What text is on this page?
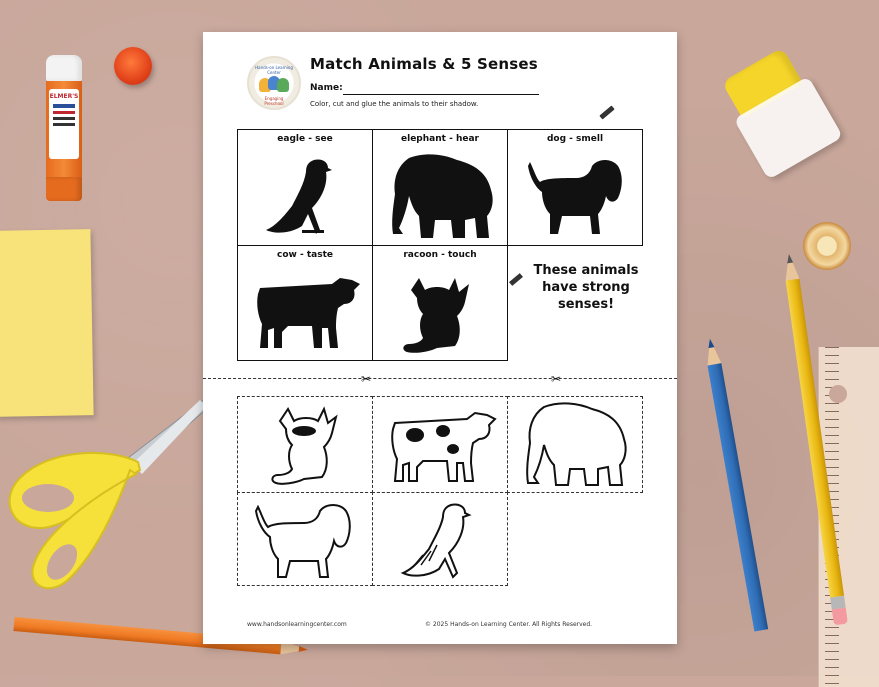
ELMER'S
Hands-on Learning Center
Engaging Preschool
Match Animals & 5 Senses
Name:
Color, cut and glue the animals to their shadow.
eagle - see	elephant - hear	dog - smell
cow - taste	racoon - touch
These animals have strong senses!
✂	✂
www.handsonlearningcenter.com	© 2025 Hands-on Learning Center. All Rights Reserved.
